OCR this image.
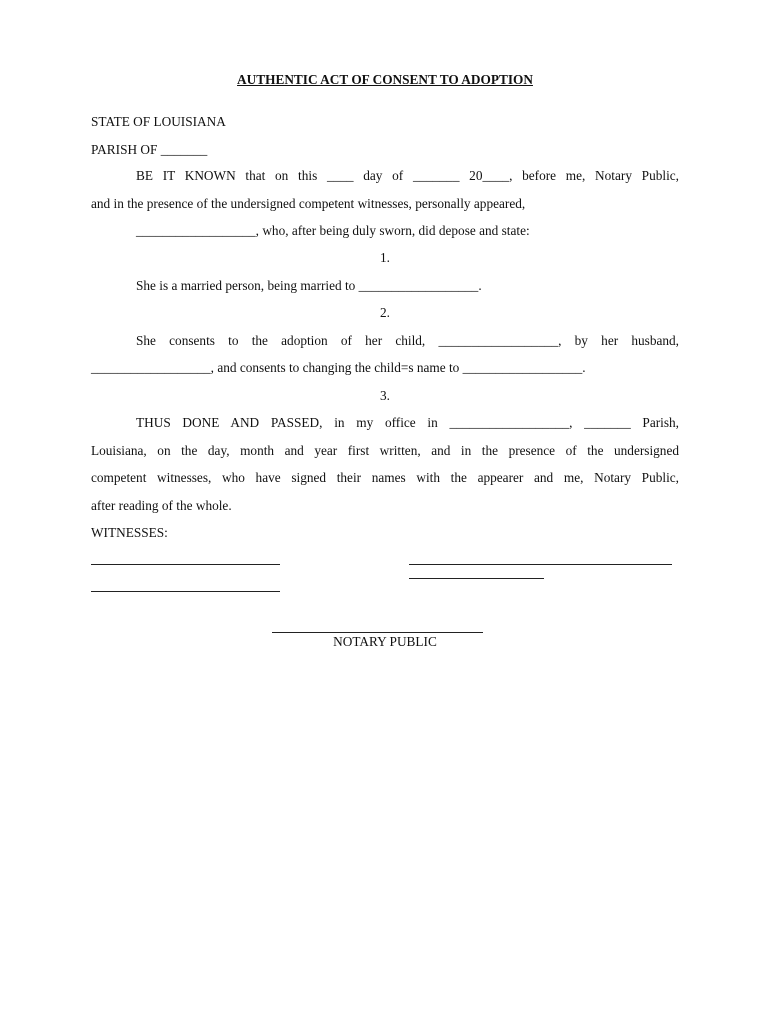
AUTHENTIC ACT OF CONSENT TO ADOPTION

STATE OF LOUISIANA

PARISH OF _______

BE IT KNOWN that on this ____ day of _______ 20____, before me, Notary Public,

and in the presence of the undersigned competent witnesses, personally appeared,

__________________, who, after being duly sworn, did depose and state:

1.

She is a married person, being married to __________________.

2.

She consents to the adoption of her child, __________________, by her husband,

__________________, and consents to changing the child=s name to __________________.

3.

THUS DONE AND PASSED, in my office in __________________, _______ Parish,

Louisiana, on the day, month and year first written, and in the presence of the undersigned

competent witnesses, who have signed their names with the appearer and me, Notary Public,

after reading of the whole.

WITNESSES:

NOTARY PUBLIC
